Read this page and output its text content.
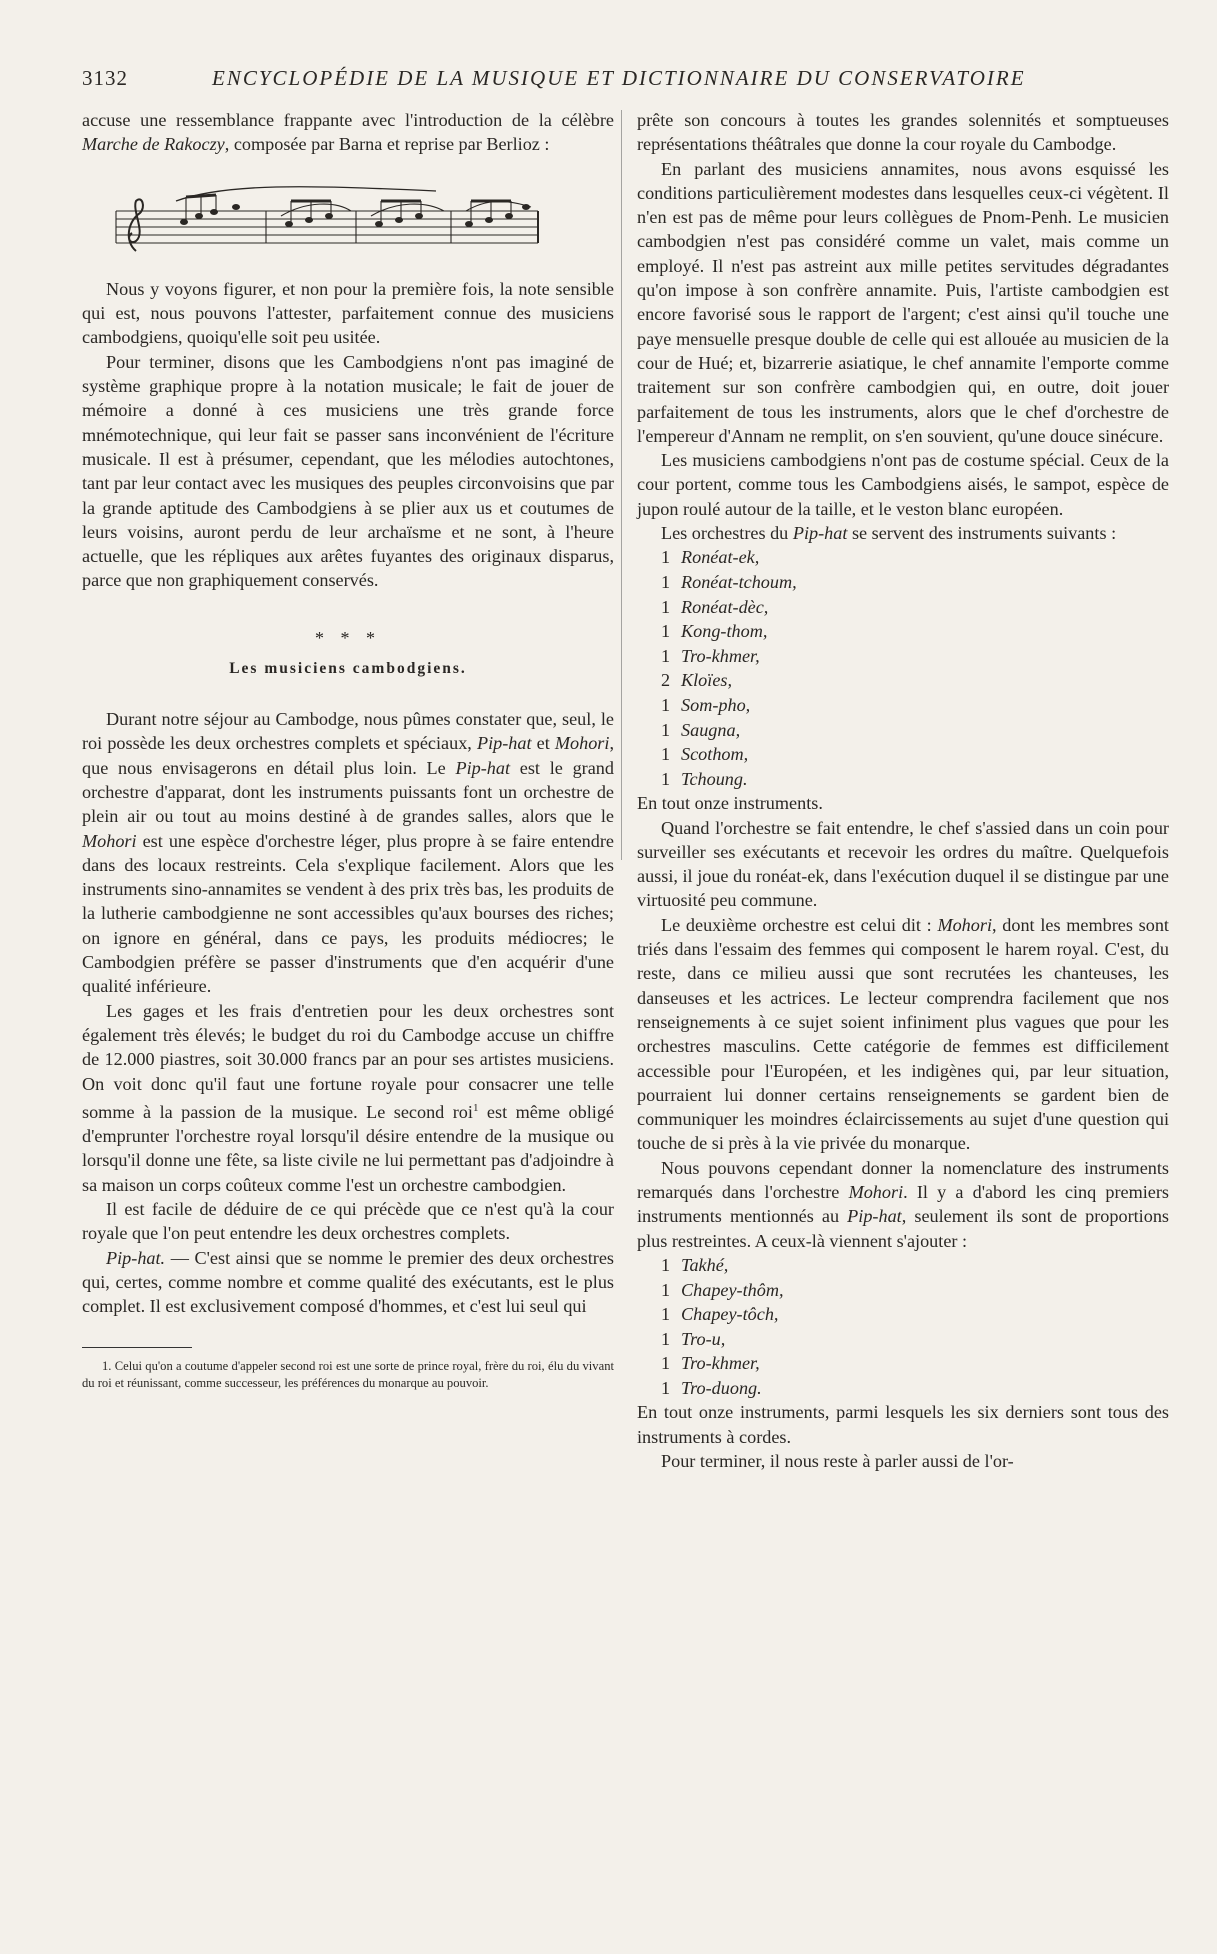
3132	ENCYCLOPÉDIE DE LA MUSIQUE ET DICTIONNAIRE DU CONSERVATOIRE

accuse une ressemblance frappante avec l'introduction de la célèbre Marche de Rakoczy, composée par Barna et reprise par Berlioz :

Nous y voyons figurer, et non pour la première fois, la note sensible qui est, nous pouvons l'attester, parfaitement connue des musiciens cambodgiens, quoiqu'elle soit peu usitée.

Pour terminer, disons que les Cambodgiens n'ont pas imaginé de système graphique propre à la notation musicale; le fait de jouer de mémoire a donné à ces musiciens une très grande force mnémotechnique, qui leur fait se passer sans inconvénient de l'écriture musicale. Il est à présumer, cependant, que les mélodies autochtones, tant par leur contact avec les musiques des peuples circonvoisins que par la grande aptitude des Cambodgiens à se plier aux us et coutumes de leurs voisins, auront perdu de leur archaïsme et ne sont, à l'heure actuelle, que les répliques aux arêtes fuyantes des originaux disparus, parce que non graphiquement conservés.

* * *
Les musiciens cambodgiens.

Durant notre séjour au Cambodge, nous pûmes constater que, seul, le roi possède les deux orchestres complets et spéciaux, Pip-hat et Mohori, que nous envisagerons en détail plus loin. Le Pip-hat est le grand orchestre d'apparat, dont les instruments puissants font un orchestre de plein air ou tout au moins destiné à de grandes salles, alors que le Mohori est une espèce d'orchestre léger, plus propre à se faire entendre dans des locaux restreints. Cela s'explique facilement. Alors que les instruments sino-annamites se vendent à des prix très bas, les produits de la lutherie cambodgienne ne sont accessibles qu'aux bourses des riches; on ignore en général, dans ce pays, les produits médiocres; le Cambodgien préfère se passer d'instruments que d'en acquérir d'une qualité inférieure.

Les gages et les frais d'entretien pour les deux orchestres sont également très élevés; le budget du roi du Cambodge accuse un chiffre de 12.000 piastres, soit 30.000 francs par an pour ses artistes musiciens. On voit donc qu'il faut une fortune royale pour consacrer une telle somme à la passion de la musique. Le second roi$^1$ est même obligé d'emprunter l'orchestre royal lorsqu'il désire entendre de la musique ou lorsqu'il donne une fête, sa liste civile ne lui permettant pas d'adjoindre à sa maison un corps coûteux comme l'est un orchestre cambodgien.

Il est facile de déduire de ce qui précède que ce n'est qu'à la cour royale que l'on peut entendre les deux orchestres complets.

Pip-hat. — C'est ainsi que se nomme le premier des deux orchestres qui, certes, comme nombre et comme qualité des exécutants, est le plus complet. Il est exclusivement composé d'hommes, et c'est lui seul qui

1. Celui qu'on a coutume d'appeler second roi est une sorte de prince royal, frère du roi, élu du vivant du roi et réunissant, comme successeur, les préférences du monarque au pouvoir.

prête son concours à toutes les grandes solennités et somptueuses représentations théâtrales que donne la cour royale du Cambodge.

En parlant des musiciens annamites, nous avons esquissé les conditions particulièrement modestes dans lesquelles ceux-ci végètent. Il n'en est pas de même pour leurs collègues de Pnom-Penh. Le musicien cambodgien n'est pas considéré comme un valet, mais comme un employé. Il n'est pas astreint aux mille petites servitudes dégradantes qu'on impose à son confrère annamite. Puis, l'artiste cambodgien est encore favorisé sous le rapport de l'argent; c'est ainsi qu'il touche une paye mensuelle presque double de celle qui est allouée au musicien de la cour de Hué; et, bizarrerie asiatique, le chef annamite l'emporte comme traitement sur son confrère cambodgien qui, en outre, doit jouer parfaitement de tous les instruments, alors que le chef d'orchestre de l'empereur d'Annam ne remplit, on s'en souvient, qu'une douce sinécure.

Les musiciens cambodgiens n'ont pas de costume spécial. Ceux de la cour portent, comme tous les Cambodgiens aisés, le sampot, espèce de jupon roulé autour de la taille, et le veston blanc européen.

Les orchestres du Pip-hat se servent des instruments suivants :

1 Ronéat-ek,
1 Ronéat-tchoum,
1 Ronéat-dèc,
1 Kong-thom,
1 Tro-khmer,
2 Kloïes,
1 Som-pho,
1 Saugna,
1 Scothom,
1 Tchoung.

En tout onze instruments.

Quand l'orchestre se fait entendre, le chef s'assied dans un coin pour surveiller ses exécutants et recevoir les ordres du maître. Quelquefois aussi, il joue du ronéat-ek, dans l'exécution duquel il se distingue par une virtuosité peu commune.

Le deuxième orchestre est celui dit : Mohori, dont les membres sont triés dans l'essaim des femmes qui composent le harem royal. C'est, du reste, dans ce milieu aussi que sont recrutées les chanteuses, les danseuses et les actrices. Le lecteur comprendra facilement que nos renseignements à ce sujet soient infiniment plus vagues que pour les orchestres masculins. Cette catégorie de femmes est difficilement accessible pour l'Européen, et les indigènes qui, par leur situation, pourraient lui donner certains renseignements se gardent bien de communiquer les moindres éclaircissements au sujet d'une question qui touche de si près à la vie privée du monarque.

Nous pouvons cependant donner la nomenclature des instruments remarqués dans l'orchestre Mohori. Il y a d'abord les cinq premiers instruments mentionnés au Pip-hat, seulement ils sont de proportions plus restreintes. A ceux-là viennent s'ajouter :

1 Takhé,
1 Chapey-thôm,
1 Chapey-tôch,
1 Tro-u,
1 Tro-khmer,
1 Tro-duong.

En tout onze instruments, parmi lesquels les six derniers sont tous des instruments à cordes.

Pour terminer, il nous reste à parler aussi de l'or-
